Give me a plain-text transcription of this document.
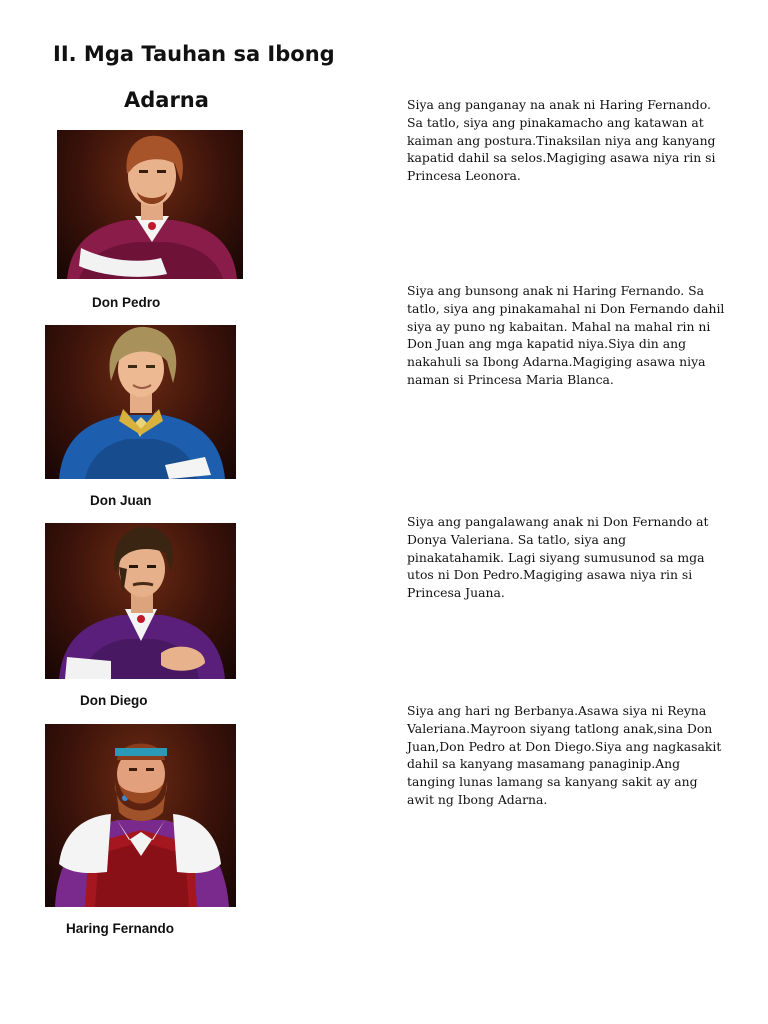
II. Mga Tauhan sa Ibong
Adarna
Don Pedro

Siya ang panganay na anak ni Haring Fernando. Sa tatlo, siya ang pinakamacho ang katawan at kaiman ang postura.Tinaksilan niya ang kanyang kapatid dahil sa selos.Magiging asawa niya rin si Princesa Leonora.

Don Juan

Siya ang bunsong anak ni Haring Fernando. Sa tatlo, siya ang pinakamahal ni Don Fernando dahil siya ay puno ng kabaitan. Mahal na mahal rin ni Don Juan ang mga kapatid niya.Siya din ang nakahuli sa Ibong Adarna.Magiging asawa niya naman si Princesa Maria Blanca.

Don Diego

Siya ang pangalawang anak ni Don Fernando at Donya Valeriana. Sa tatlo, siya ang pinakatahamik. Lagi siyang sumusunod sa mga utos ni Don Pedro.Magiging asawa niya rin si Princesa Juana.

Haring Fernando

Siya ang hari ng Berbanya.Asawa siya ni Reyna Valeriana.Mayroon siyang tatlong anak,sina Don Juan,Don Pedro at Don Diego.Siya ang nagkasakit dahil sa kanyang masamang panaginip.Ang tanging lunas lamang sa kanyang sakit ay ang awit ng Ibong Adarna.
